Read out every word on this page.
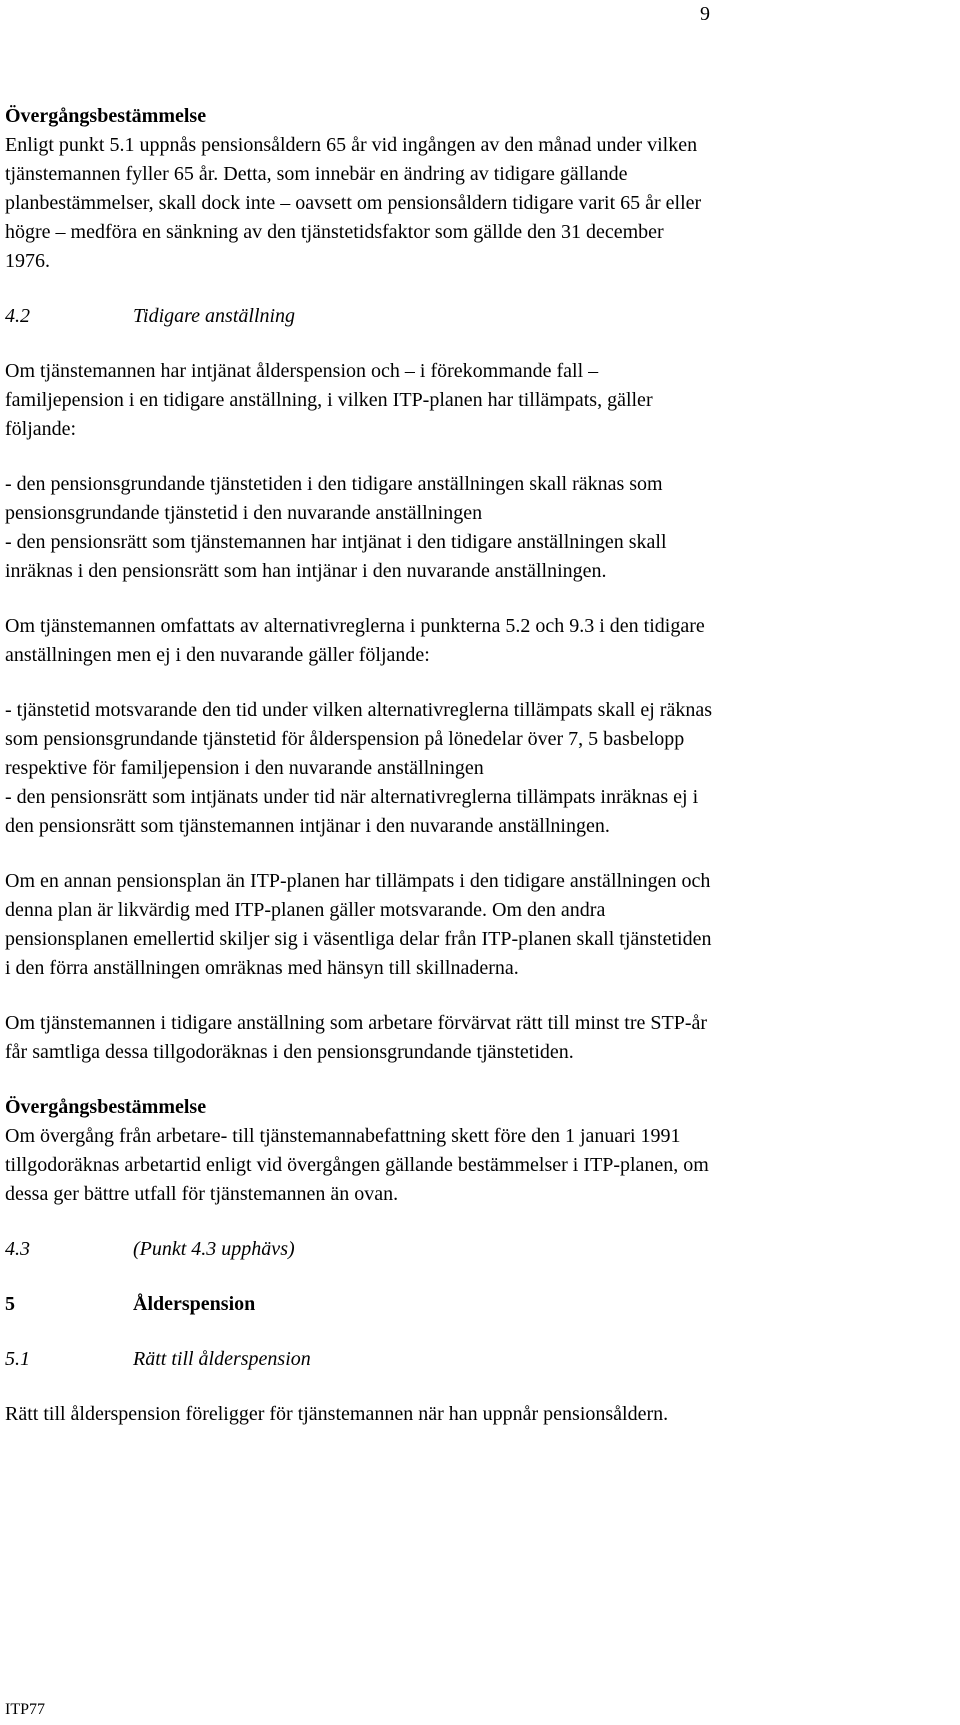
9

Övergångsbestämmelse

Enligt punkt 5.1 uppnås pensionsåldern 65 år vid ingången av den månad under vilken

tjänstemannen fyller 65 år. Detta, som innebär en ändring av tidigare gällande

planbestämmelser, skall dock inte – oavsett om pensionsåldern tidigare varit 65 år eller

högre – medföra en sänkning av den tjänstetidsfaktor som gällde den 31 december

1976.

4.2	Tidigare anställning

Om tjänstemannen har intjänat ålderspension och – i förekommande fall –

familjepension i en tidigare anställning, i vilken ITP-planen har tillämpats, gäller

följande:

- den pensionsgrundande tjänstetiden i den tidigare anställningen skall räknas som

pensionsgrundande tjänstetid i den nuvarande anställningen

- den pensionsrätt som tjänstemannen har intjänat i den tidigare anställningen skall

inräknas i den pensionsrätt som han intjänar i den nuvarande anställningen.

Om tjänstemannen omfattats av alternativreglerna i punkterna 5.2 och 9.3 i den tidigare

anställningen men ej i den nuvarande gäller följande:

- tjänstetid motsvarande den tid under vilken alternativreglerna tillämpats skall ej räknas

som pensionsgrundande tjänstetid för ålderspension på lönedelar över 7, 5 basbelopp

respektive för familjepension i den nuvarande anställningen

- den pensionsrätt som intjänats under tid när alternativreglerna tillämpats inräknas ej i

den pensionsrätt som tjänstemannen intjänar i den nuvarande anställningen.

Om en annan pensionsplan än ITP-planen har tillämpats i den tidigare anställningen och

denna plan är likvärdig med ITP-planen gäller motsvarande. Om den andra

pensionsplanen emellertid skiljer sig i väsentliga delar från ITP-planen skall tjänstetiden

i den förra anställningen omräknas med hänsyn till skillnaderna.

Om tjänstemannen i tidigare anställning som arbetare förvärvat rätt till minst tre STP-år

får samtliga dessa tillgodoräknas i den pensionsgrundande tjänstetiden.

Övergångsbestämmelse

Om övergång från arbetare- till tjänstemannabefattning skett före den 1 januari 1991

tillgodoräknas arbetartid enligt vid övergången gällande bestämmelser i ITP-planen, om

dessa ger bättre utfall för tjänstemannen än ovan.

4.3	(Punkt 4.3 upphävs)

5	Ålderspension

5.1	Rätt till ålderspension

Rätt till ålderspension föreligger för tjänstemannen när han uppnår pensionsåldern.

ITP77
